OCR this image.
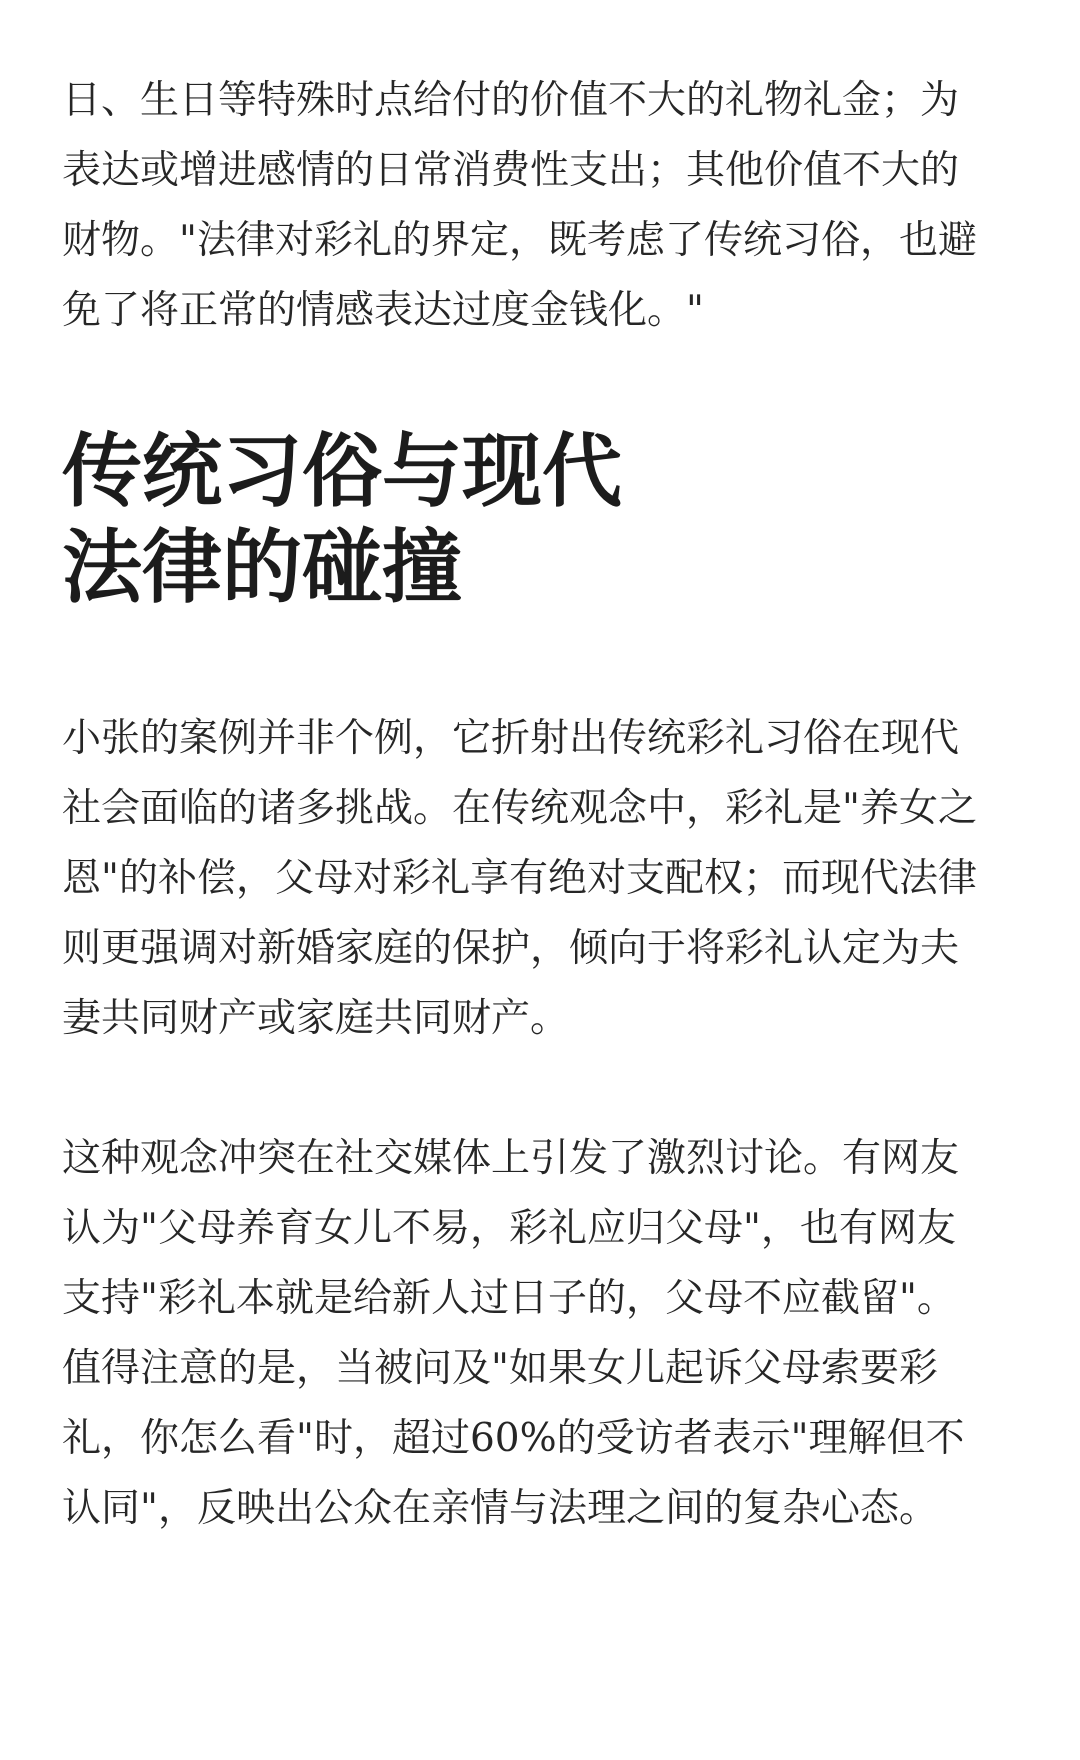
日、生日等特殊时点给付的价值不大的礼物礼金；为
表达或增进感情的日常消费性支出；其他价值不大的
财物。"法律对彩礼的界定，既考虑了传统习俗，也避
免了将正常的情感表达过度金钱化。"

传统习俗与现代
法律的碰撞

小张的案例并非个例，它折射出传统彩礼习俗在现代
社会面临的诸多挑战。在传统观念中，彩礼是"养女之
恩"的补偿，父母对彩礼享有绝对支配权；而现代法律
则更强调对新婚家庭的保护，倾向于将彩礼认定为夫
妻共同财产或家庭共同财产。

这种观念冲突在社交媒体上引发了激烈讨论。有网友
认为"父母养育女儿不易，彩礼应归父母"，也有网友
支持"彩礼本就是给新人过日子的，父母不应截留"。
值得注意的是，当被问及"如果女儿起诉父母索要彩
礼，你怎么看"时，超过60%的受访者表示"理解但不
认同"，反映出公众在亲情与法理之间的复杂心态。
